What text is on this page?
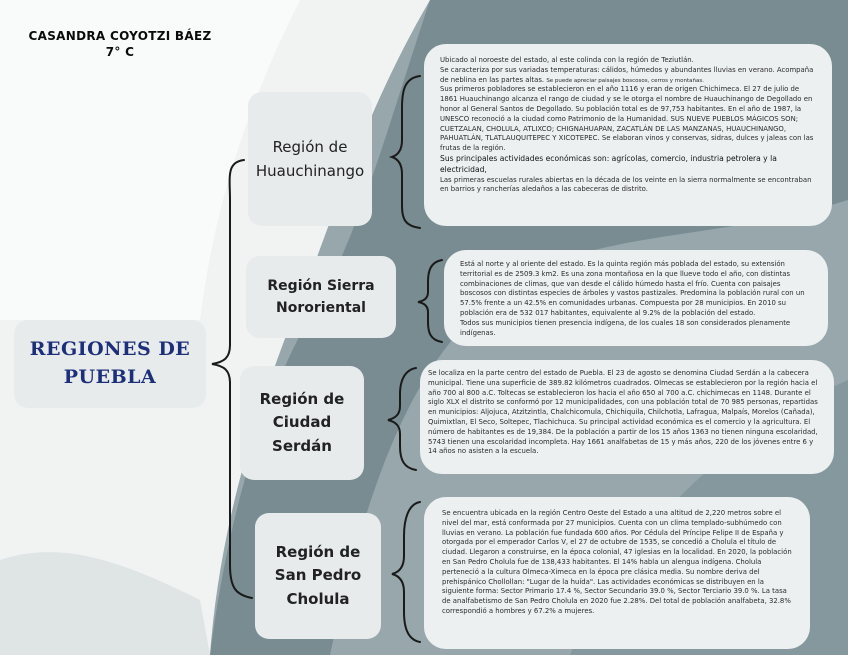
CASANDRA COYOTZI BÁEZ
7° C
REGIONES DE
PUEBLA
Región de
Huauchinango
Región Sierra
Nororiental
Región de
Ciudad
Serdán
Región de
San Pedro
Cholula

Ubicado al noroeste del estado, al este colinda con la región de Teziutlán.

Se caracteriza por sus variadas temperaturas: cálidos, húmedos y abundantes lluvias en verano. Acompaña de neblina en las partes altas. Se puede apreciar paisajes boscosos, cerros y montañas.

Sus primeros pobladores se establecieron en el año 1116 y eran de origen Chichimeca. El 27 de julio de 1861 Huauchinango alcanza el rango de ciudad y se le otorga el nombre de Huauchinango de Degollado en honor al General Santos de Degollado. Su población total es de 97,753 habitantes. En el año de 1987, la UNESCO reconoció a la ciudad como Patrimonio de la Humanidad. SUS NUEVE PUEBLOS MÁGICOS SON; CUETZALAN, CHOLULA, ATLIXCO; CHIGNAHUAPAN, ZACATLÁN DE LAS MANZANAS, HUAUCHINANGO, PAHUATLÁN, TLATLAUQUITEPEC Y XICOTEPEC. Se elaboran vinos y conservas, sidras, dulces y jaleas con las frutas de la región.

Sus principales actividades económicas son: agrícolas, comercio, industria petrolera y la electricidad,

Las primeras escuelas rurales abiertas en la década de los veinte en la sierra normalmente se encontraban en barrios y rancherías aledaños a las cabeceras de distrito.

Está al norte y al oriente del estado. Es la quinta región más poblada del estado, su extensión territorial es de 2509.3 km2. Es una zona montañosa en la que llueve todo el año, con distintas combinaciones de climas, que van desde el cálido húmedo hasta el frío. Cuenta con paisajes boscosos con distintas especies de árboles y vastos pastizales. Predomina la población rural con un 57.5% frente a un 42.5% en comunidades urbanas. Compuesta por 28 municipios. En 2010 su población era de 532 017 habitantes, equivalente al 9.2% de la población del estado.

Todos sus municipios tienen presencia indígena, de los cuales 18 son considerados plenamente indígenas.

Se localiza en la parte centro del estado de Puebla. El 23 de agosto se denomina Ciudad Serdán a la cabecera municipal. Tiene una superficie de 389.82 kilómetros cuadrados. Olmecas se establecieron por la región hacia el año 700 al 800 a.C. Toltecas se establecieron los hacia el año 650 al 700 a.C. chichimecas en 1148. Durante el siglo XLX el distrito se conformó por 12 municipalidades, con una población total de 70 985 personas, repartidas en municipios: Aljojuca, Atzitzintla, Chalchicomula, Chichiquila, Chilchotla, Lafragua, Malpaís, Morelos (Cañada), Quimixtlan, El Seco, Soltepec, Tlachichuca. Su principal actividad económica es el comercio y la agricultura. El número de habitantes es de 19,384. De la población a partir de los 15 años 1363 no tienen ninguna escolaridad, 5743 tienen una escolaridad incompleta. Hay 1661 analfabetas de 15 y más años, 220 de los jóvenes entre 6 y 14 años no asisten a la escuela.

Se encuentra ubicada en la región Centro Oeste del Estado a una altitud de 2,220 metros sobre el nivel del mar, está conformada por 27 municipios. Cuenta con un clima templado-subhúmedo con lluvias en verano. La población fue fundada 600 años. Por Cédula del Príncipe Felipe II de España y otorgada por el emperador Carlos V, el 27 de octubre de 1535, se concedió a Cholula el título de ciudad. Llegaron a construirse, en la época colonial, 47 iglesias en la localidad. En 2020, la población en San Pedro Cholula fue de 138,433 habitantes. El 14% habla un alengua indígena. Cholula perteneció a la cultura Olmeca-Ximeca en la época pre clásica media. Su nombre deriva del prehispánico Chollollan: "Lugar de la huída". Las actividades económicas se distribuyen en la siguiente forma: Sector Primario 17.4 %, Sector Secundario 39.0 %, Sector Terciario 39.0 %. La tasa de analfabetismo de San Pedro Cholula en 2020 fue 2.28%. Del total de población analfabeta, 32.8% correspondió a hombres y 67.2% a mujeres.
